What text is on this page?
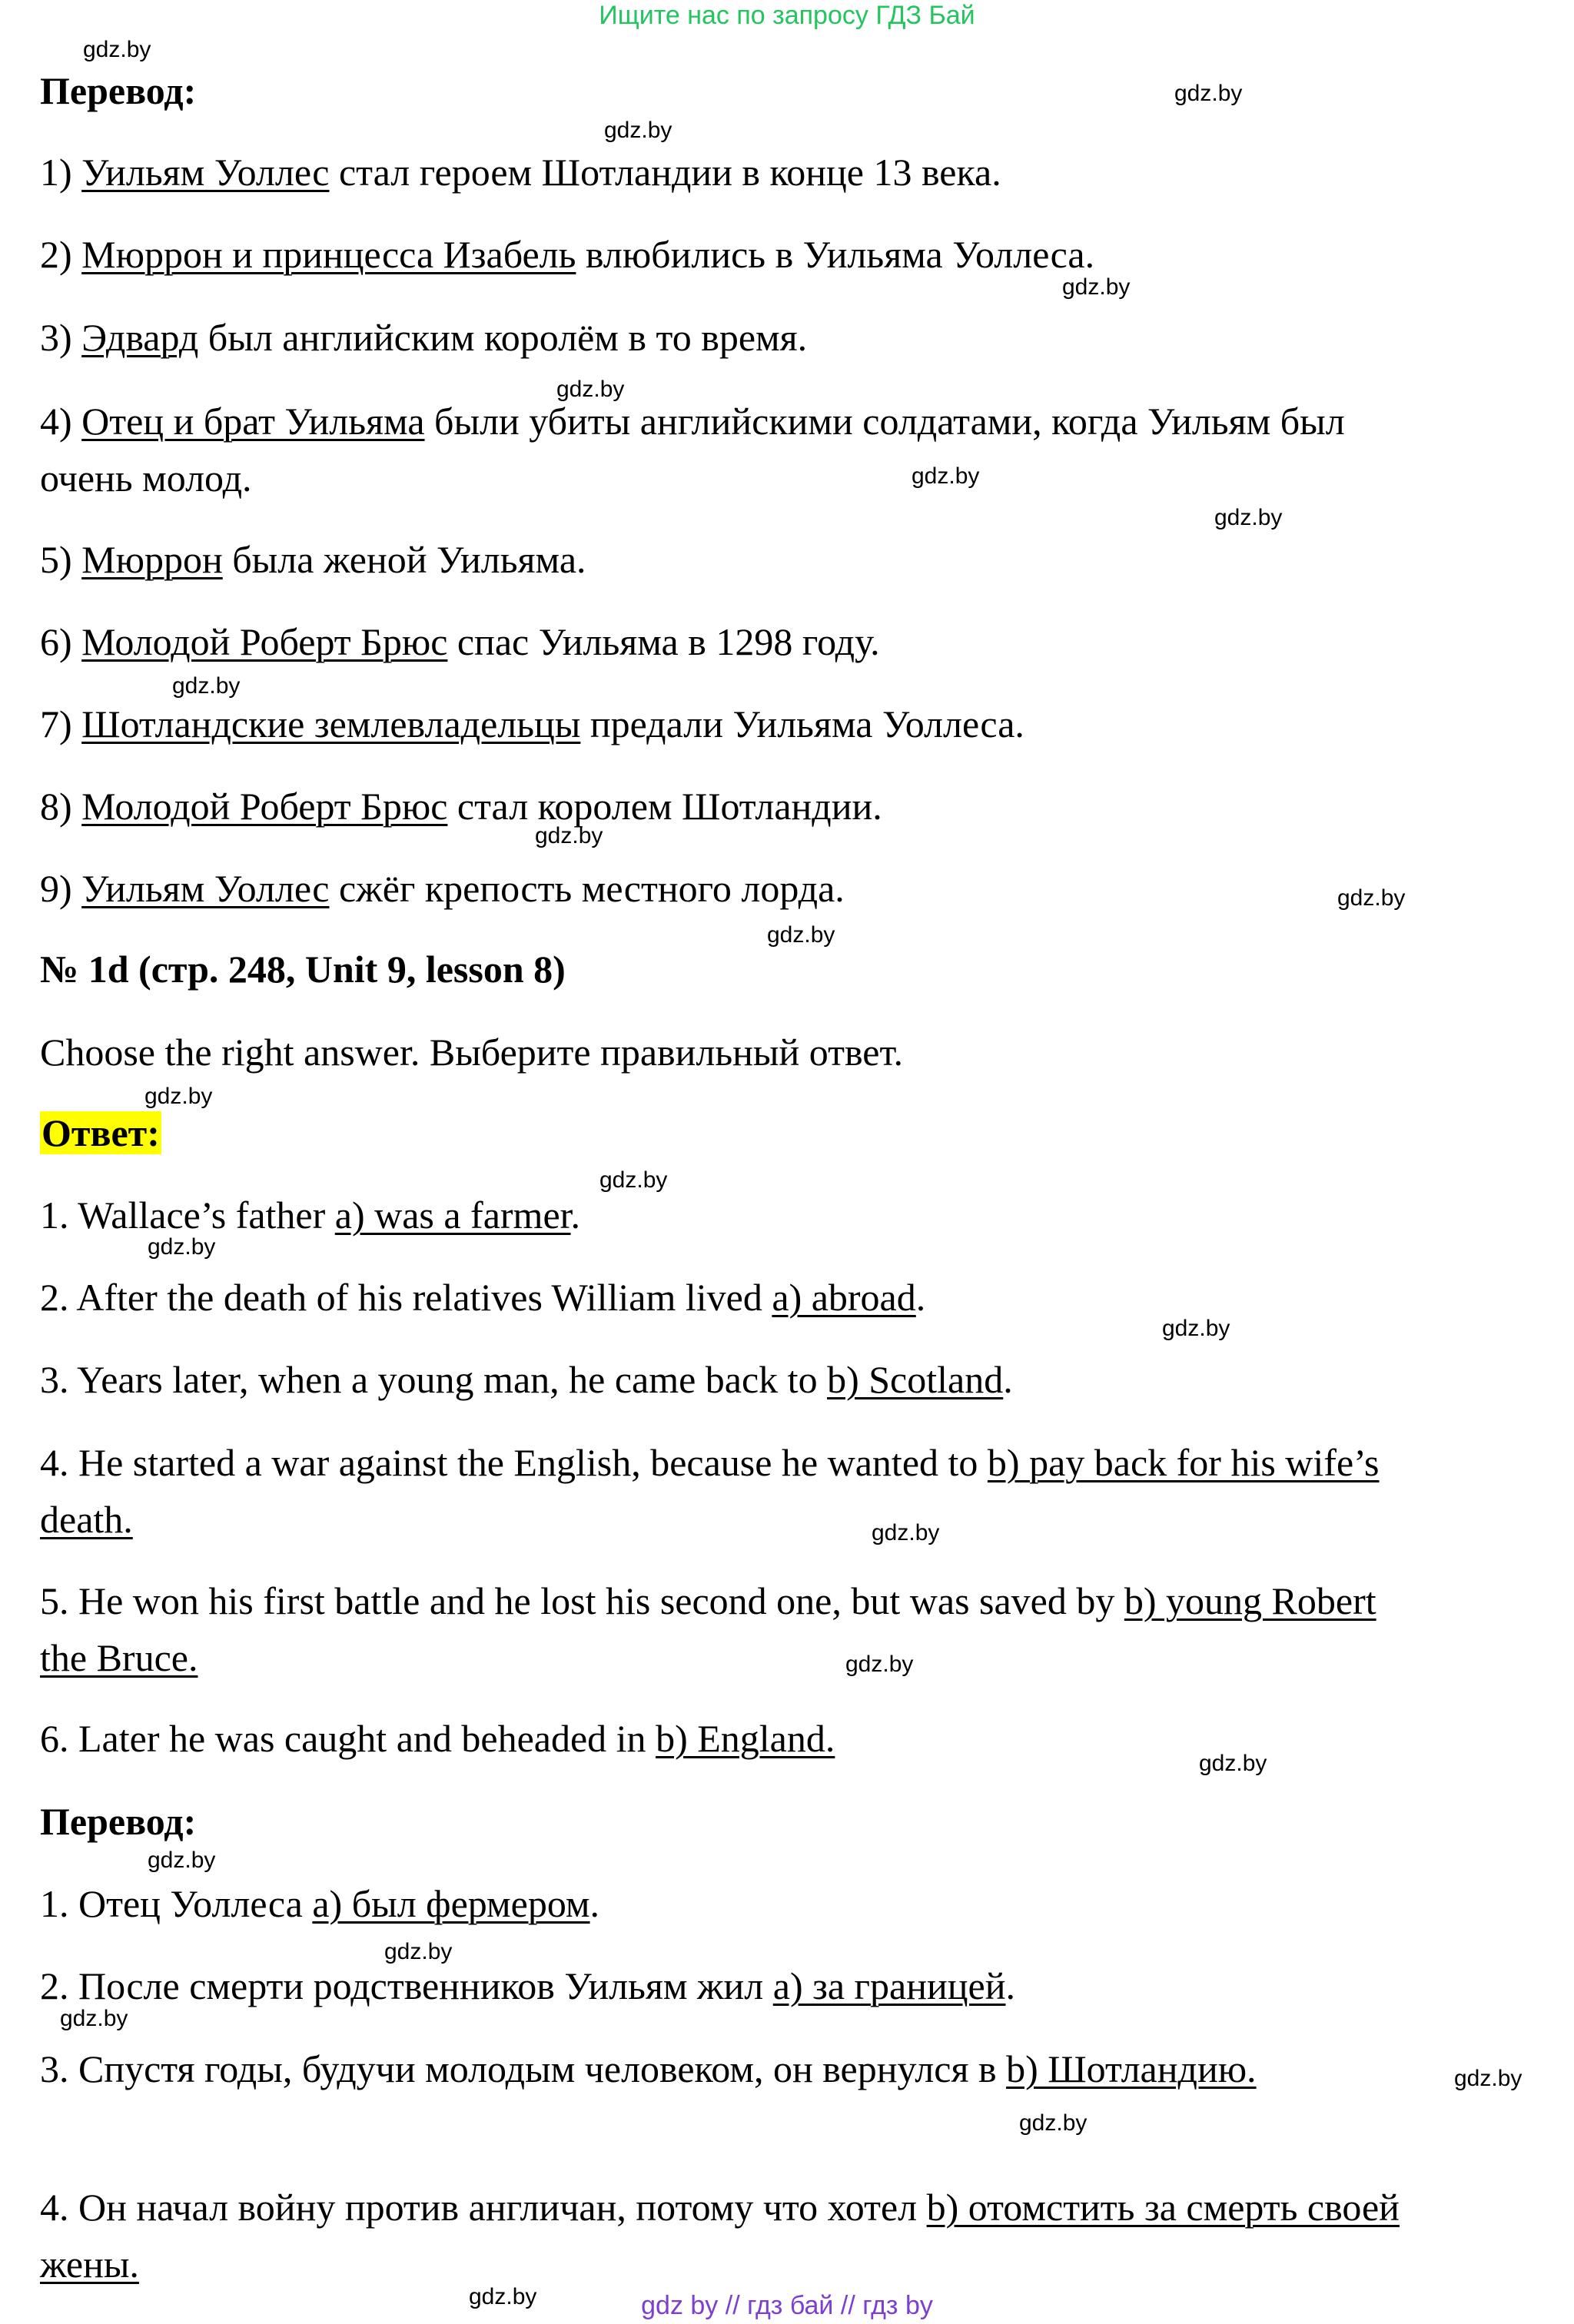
Ищите нас по запросу ГДЗ Бай
Перевод:
1) Уильям Уоллес стал героем Шотландии в конце 13 века.
2) Мюррон и принцесса Изабель влюбились в Уильяма Уоллеса.
3) Эдвард был английским королём в то время.
4) Отец и брат Уильяма были убиты английскими солдатами, когда Уильям был очень молод.
5) Мюррон была женой Уильяма.
6) Молодой Роберт Брюс спас Уильяма в 1298 году.
7) Шотландские землевладельцы предали Уильяма Уоллеса.
8) Молодой Роберт Брюс стал королем Шотландии.
9) Уильям Уоллес сжёг крепость местного лорда.
№ 1d (стр. 248, Unit 9, lesson 8)
Choose the right answer. Выберите правильный ответ.
Ответ:
1. Wallace’s father a) was a farmer.
2. After the death of his relatives William lived a) abroad.
3. Years later, when a young man, he came back to b) Scotland.
4. He started a war against the English, because he wanted to b) pay back for his wife’s death.
5. He won his first battle and he lost his second one, but was saved by b) young Robert the Bruce.
6. Later he was caught and beheaded in b) England.
Перевод:
1. Отец Уоллеса a) был фермером.
2. После смерти родственников Уильям жил a) за границей.
3. Спустя годы, будучи молодым человеком, он вернулся в b) Шотландию.
4. Он начал войну против англичан, потому что хотел b) отомстить за смерть своей жены.
gdz.by
gdz.by
gdz.by
gdz.by
gdz.by
gdz.by
gdz.by
gdz.by
gdz.by
gdz.by
gdz.by
gdz.by
gdz.by
gdz.by
gdz.by
gdz.by
gdz.by
gdz.by
gdz.by
gdz.by
gdz.by
gdz.by
gdz.by
gdz.by	gdz by // гдз бай // гдз by
